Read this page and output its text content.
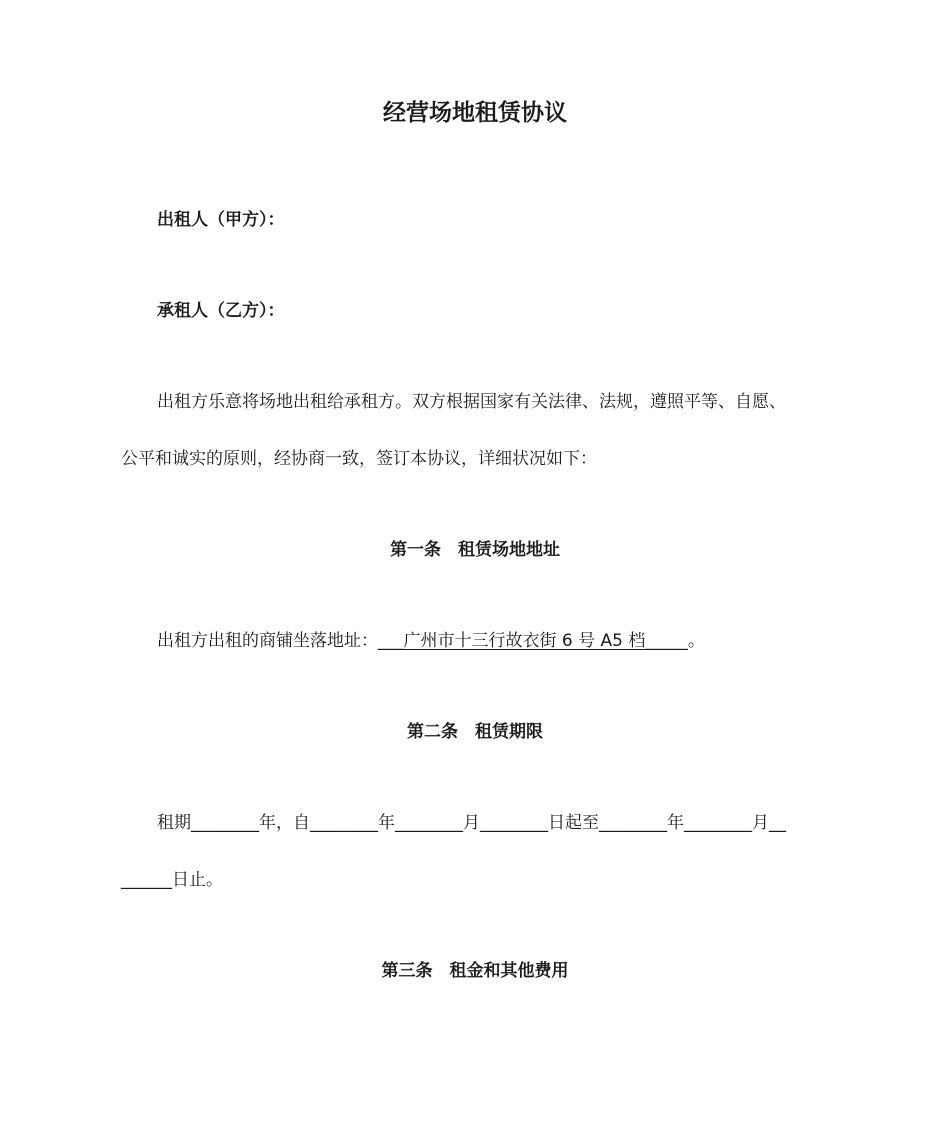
经营场地租赁协议

出租人（甲方）：

承租人（乙方）：

出租方乐意将场地出租给承租方。双方根据国家有关法律、法规，遵照平等、自愿、

公平和诚实的原则，经协商一致，签订本协议，详细状况如下：

第一条　租赁场地地址

出租方出租的商铺坐落地址：___广州市十三行故衣街 6 号 A5 档_____。

第二条　租赁期限

租期________年，自________年________月________日起至________年________月__

______日止。

第三条　租金和其他费用
